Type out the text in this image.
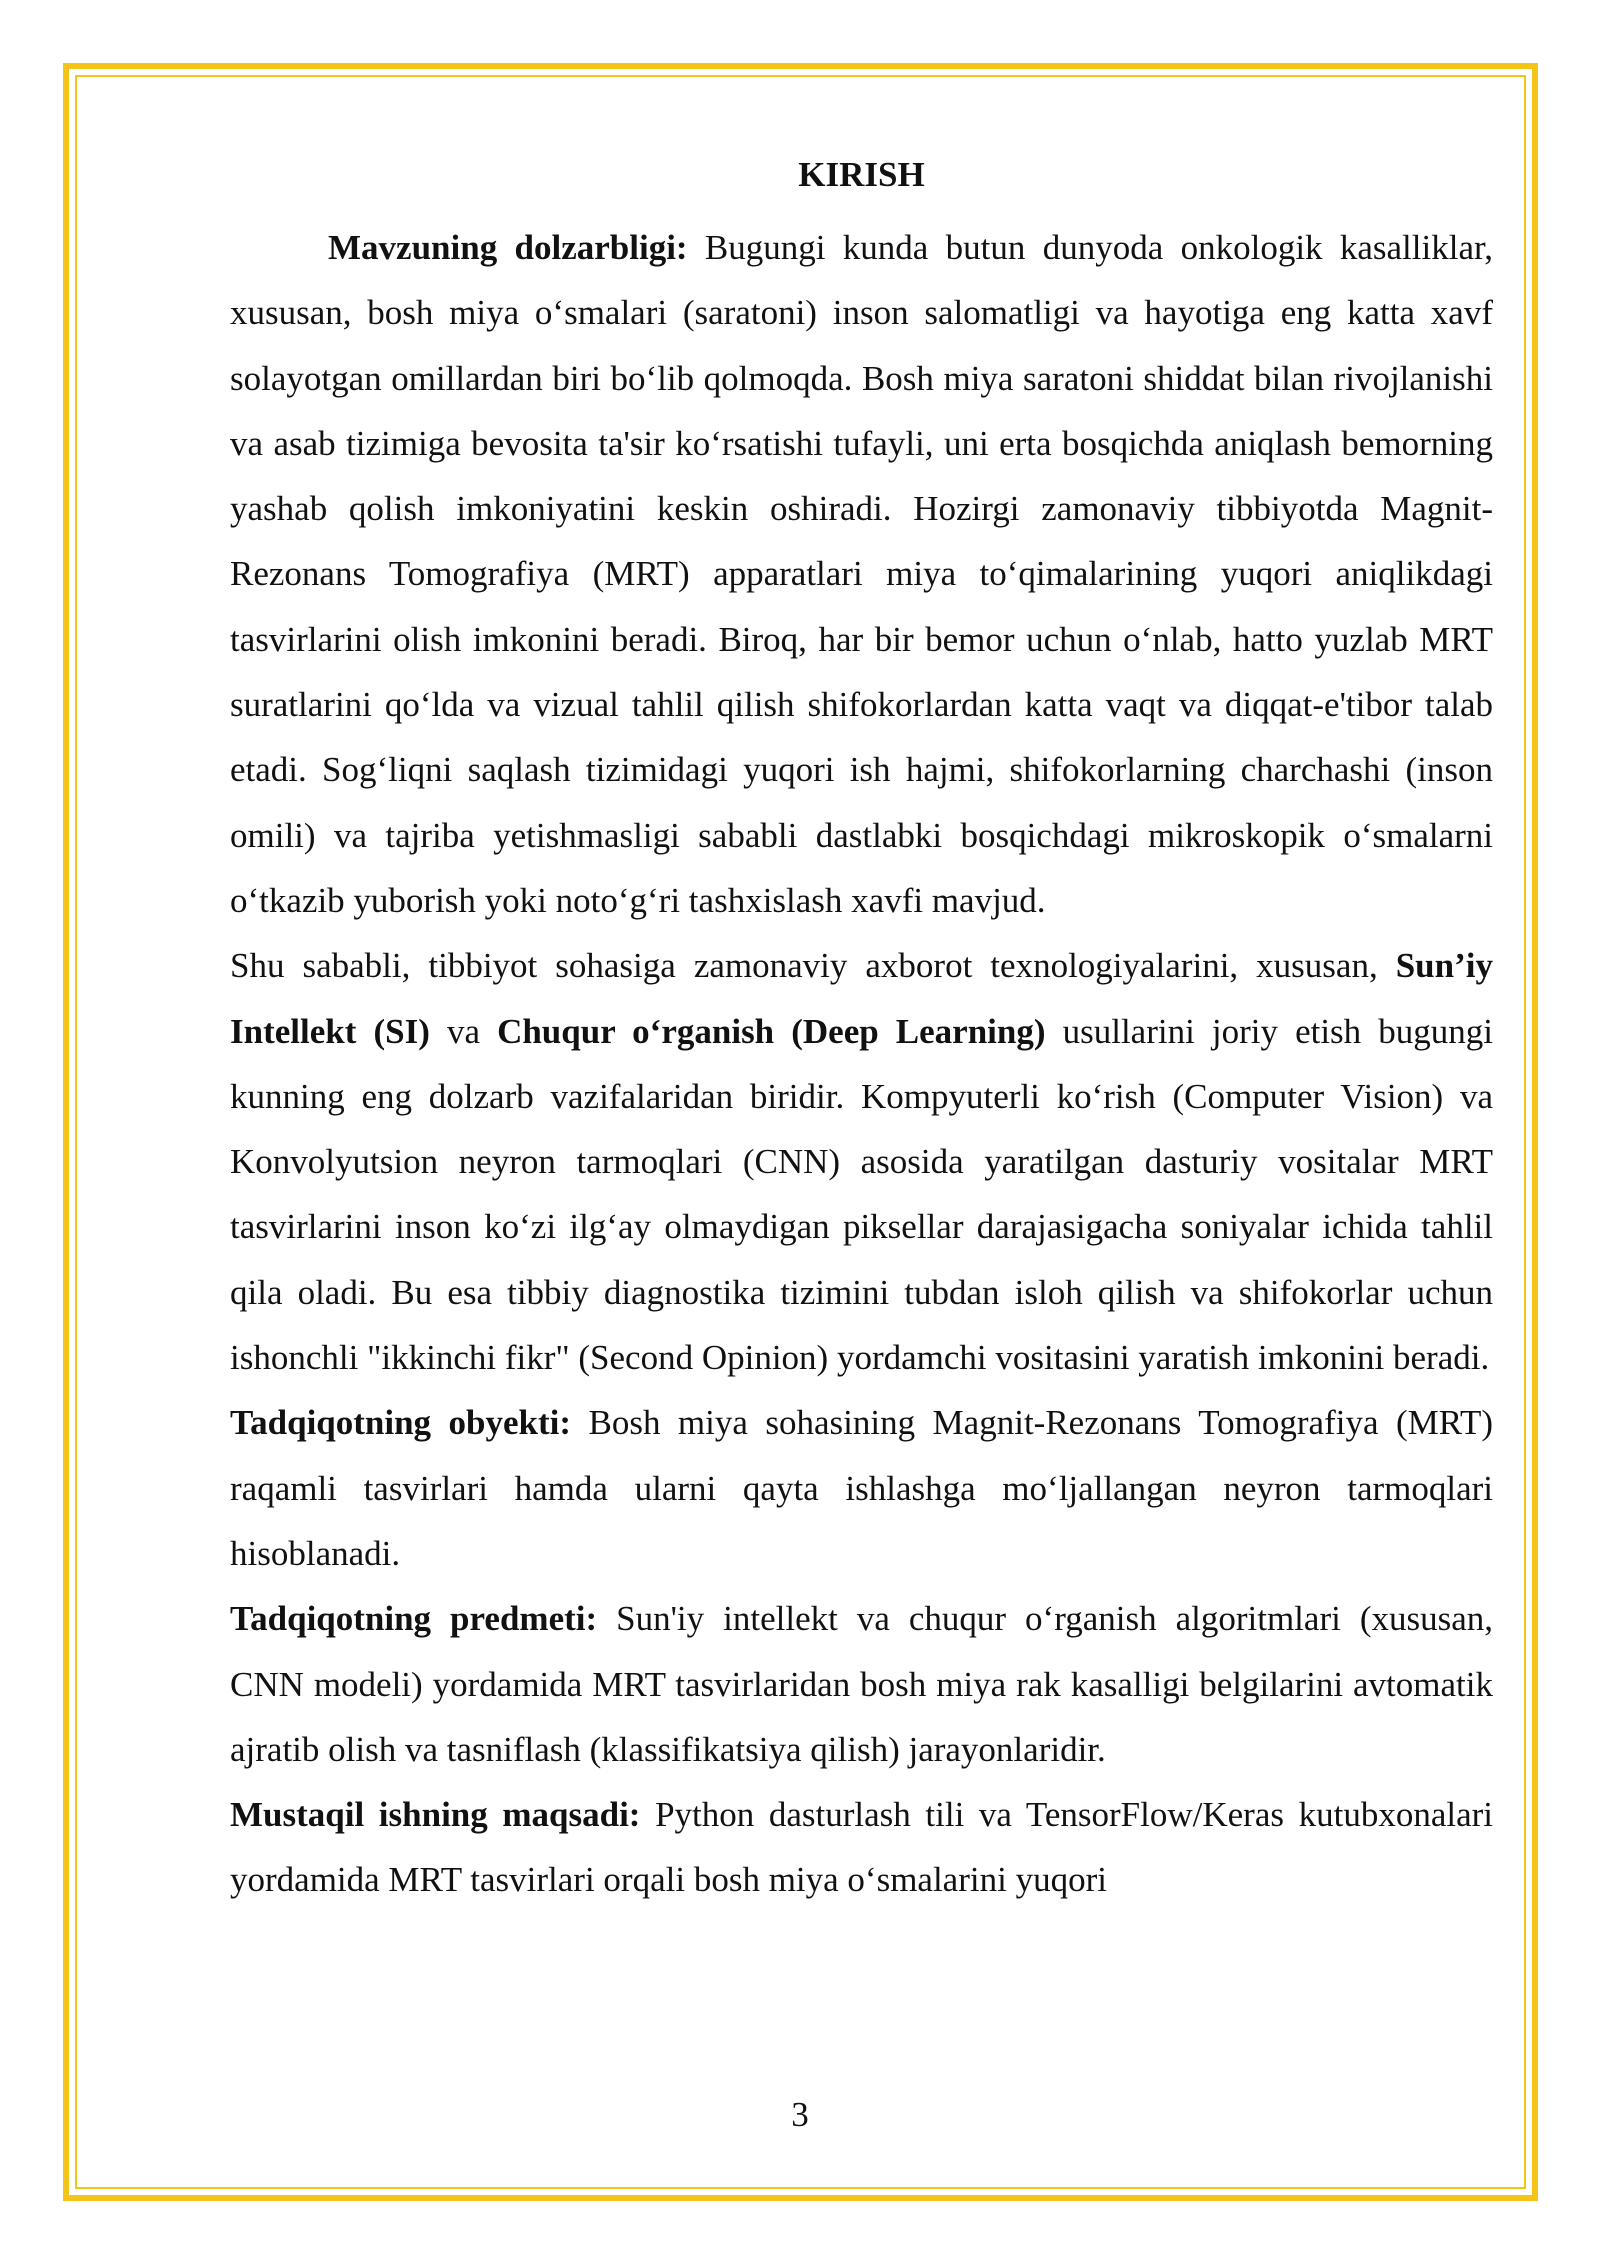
KIRISH

Mavzuning dolzarbligi: Bugungi kunda butun dunyoda onkologik kasalliklar, xususan, bosh miya o‘smalari (saratoni) inson salomatligi va hayotiga eng katta xavf solayotgan omillardan biri bo‘lib qolmoqda. Bosh miya saratoni shiddat bilan rivojlanishi va asab tizimiga bevosita ta'sir ko‘rsatishi tufayli, uni erta bosqichda aniqlash bemorning yashab qolish imkoniyatini keskin oshiradi. Hozirgi zamonaviy tibbiyotda Magnit-Rezonans Tomografiya (MRT) apparatlari miya to‘qimalarining yuqori aniqlikdagi tasvirlarini olish imkonini beradi. Biroq, har bir bemor uchun o‘nlab, hatto yuzlab MRT suratlarini qo‘lda va vizual tahlil qilish shifokorlardan katta vaqt va diqqat-e'tibor talab etadi. Sog‘liqni saqlash tizimidagi yuqori ish hajmi, shifokorlarning charchashi (inson omili) va tajriba yetishmasligi sababli dastlabki bosqichdagi mikroskopik o‘smalarni o‘tkazib yuborish yoki noto‘g‘ri tashxislash xavfi mavjud.

Shu sababli, tibbiyot sohasiga zamonaviy axborot texnologiyalarini, xususan, Sun’iy Intellekt (SI) va Chuqur o‘rganish (Deep Learning) usullarini joriy etish bugungi kunning eng dolzarb vazifalaridan biridir. Kompyuterli ko‘rish (Computer Vision) va Konvolyutsion neyron tarmoqlari (CNN) asosida yaratilgan dasturiy vositalar MRT tasvirlarini inson ko‘zi ilg‘ay olmaydigan piksellar darajasigacha soniyalar ichida tahlil qila oladi. Bu esa tibbiy diagnostika tizimini tubdan isloh qilish va shifokorlar uchun ishonchli "ikkinchi fikr" (Second Opinion) yordamchi vositasini yaratish imkonini beradi.

Tadqiqotning obyekti: Bosh miya sohasining Magnit-Rezonans Tomografiya (MRT) raqamli tasvirlari hamda ularni qayta ishlashga mo‘ljallangan neyron tarmoqlari hisoblanadi.

Tadqiqotning predmeti: Sun'iy intellekt va chuqur o‘rganish algoritmlari (xususan, CNN modeli) yordamida MRT tasvirlaridan bosh miya rak kasalligi belgilarini avtomatik ajratib olish va tasniflash (klassifikatsiya qilish) jarayonlaridir.

Mustaqil ishning maqsadi: Python dasturlash tili va TensorFlow/Keras kutubxonalari yordamida MRT tasvirlari orqali bosh miya o‘smalarini yuqori

3
